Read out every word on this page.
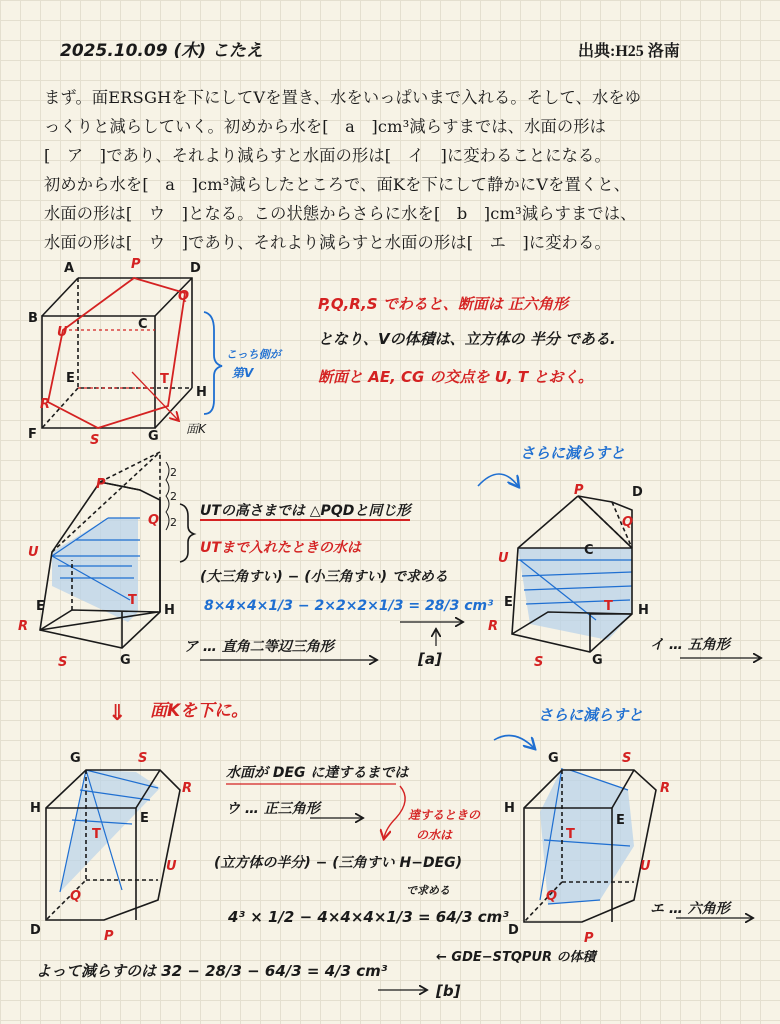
2025.10.09 (木) こたえ	出典:H25 洛南
まず。面ERSGHを下にしてVを置き、水をいっぱいまで入れる。そして、水をゆ
っくりと減らしていく。初めから水を[　a　]cm³減らすまでは、水面の形は
[　ア　]であり、それより減らすと水面の形は[　イ　]に変わることになる。
初めから水を[　a　]cm³減らしたところで、面Kを下にして静かにVを置くと、
水面の形は[　ウ　]となる。この状態からさらに水を[　b　]cm³減らすまでは、
水面の形は[　ウ　]であり、それより減らすと水面の形は[　エ　]に変わる。
A	P	D
B	C
Q
U
E	T
H
R
F	S	G
2
2
2
P
Q
U
E	T
H
R
S	G
P	D
Q
C
U
E	T H
R
S	G
⇓
G	S
H
R
T
E
U
Q
D	P
G	S
H
R
T
E
U
Q
D
P
面K
こっち側が
第V
P,Q,R,S でわると、断面は 正六角形
となり、Vの体積は、立方体の 半分 である.
断面と AE, CG の交点を U, T とおく。
UTの高さまでは △PQDと同じ形
UTまで入れたときの水は
(大三角すい) − (小三角すい) で求める
8×4×4×1/3 − 2×2×2×1/3 = 28/3 cm³
[a]
ア … 直角二等辺三角形
さらに減らすと
イ … 五角形
面Kを下に。	さらに減らすと
水面が DEG に達するまでは
ウ … 正三角形	達するときの
の水は
(立方体の半分) − (三角すい H−DEG)
で求める
4³ × 1/2 − 4×4×4×1/3 = 64/3 cm³
← GDE−STQPUR の体積
エ … 六角形
よって減らすのは 32 − 28/3 − 64/3 = 4/3 cm³
[b]
